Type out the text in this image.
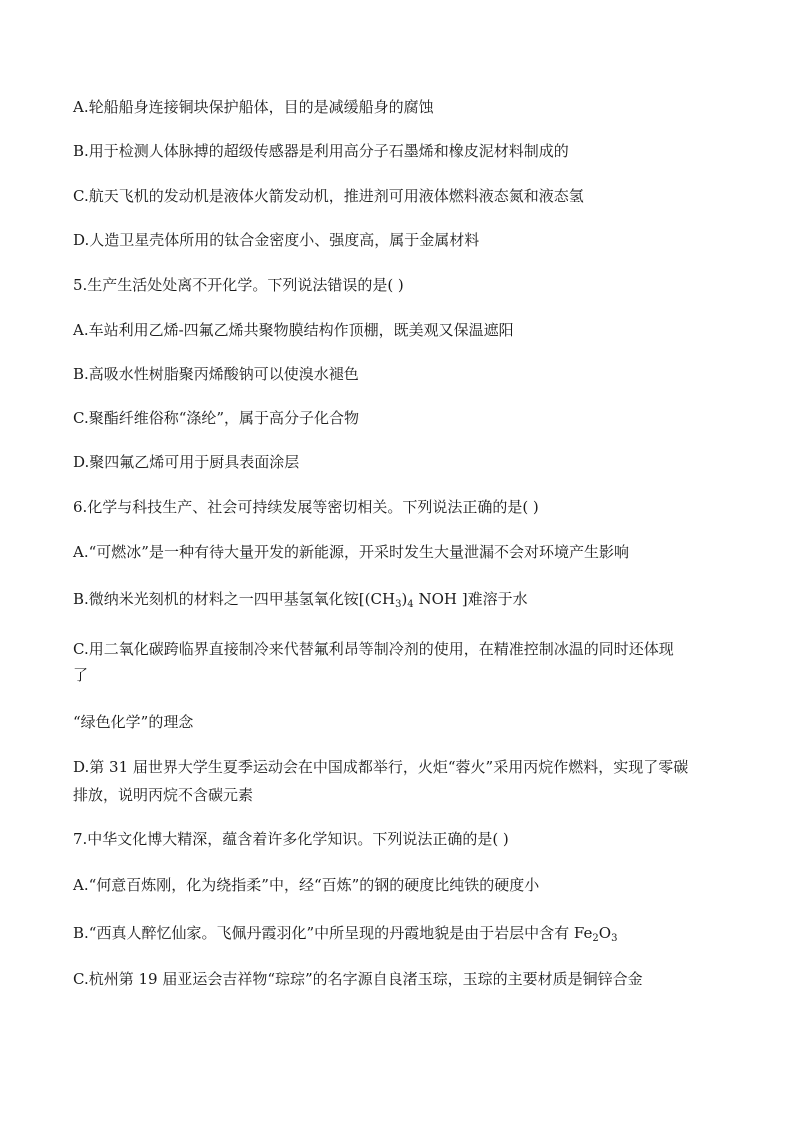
A.轮船船身连接铜块保护船体，目的是减缓船身的腐蚀
B.用于检测人体脉搏的超级传感器是利用高分子石墨烯和橡皮泥材料制成的
C.航天飞机的发动机是液体火箭发动机，推进剂可用液体燃料液态氮和液态氢
D.人造卫星壳体所用的钛合金密度小、强度高，属于金属材料
5.生产生活处处离不开化学。下列说法错误的是( )
A.车站利用乙烯-四氟乙烯共聚物膜结构作顶棚，既美观又保温遮阳
B.高吸水性树脂聚丙烯酸钠可以使溴水褪色
C.聚酯纤维俗称“涤纶”，属于高分子化合物
D.聚四氟乙烯可用于厨具表面涂层
6.化学与科技生产、社会可持续发展等密切相关。下列说法正确的是( )
A.“可燃冰”是一种有待大量开发的新能源，开采时发生大量泄漏不会对环境产生影响
B.微纳米光刻机的材料之一四甲基氢氧化铵[$(CH_3)_4$ NOH ]难溶于水
C.用二氧化碳跨临界直接制冷来代替氟利昂等制冷剂的使用，在精准控制冰温的同时还体现
了
“绿色化学”的理念
D.第 31 届世界大学生夏季运动会在中国成都举行，火炬“蓉火”采用丙烷作燃料，实现了零碳
排放，说明丙烷不含碳元素
7.中华文化博大精深，蕴含着许多化学知识。下列说法正确的是( )
A.“何意百炼刚，化为绕指柔”中，经“百炼”的钢的硬度比纯铁的硬度小
B.“西真人醉忆仙家。飞佩丹霞羽化”中所呈现的丹霞地貌是由于岩层中含有 $Fe_2O_3$
C.杭州第 19 届亚运会吉祥物“琮琮”的名字源自良渚玉琮，玉琮的主要材质是铜锌合金
